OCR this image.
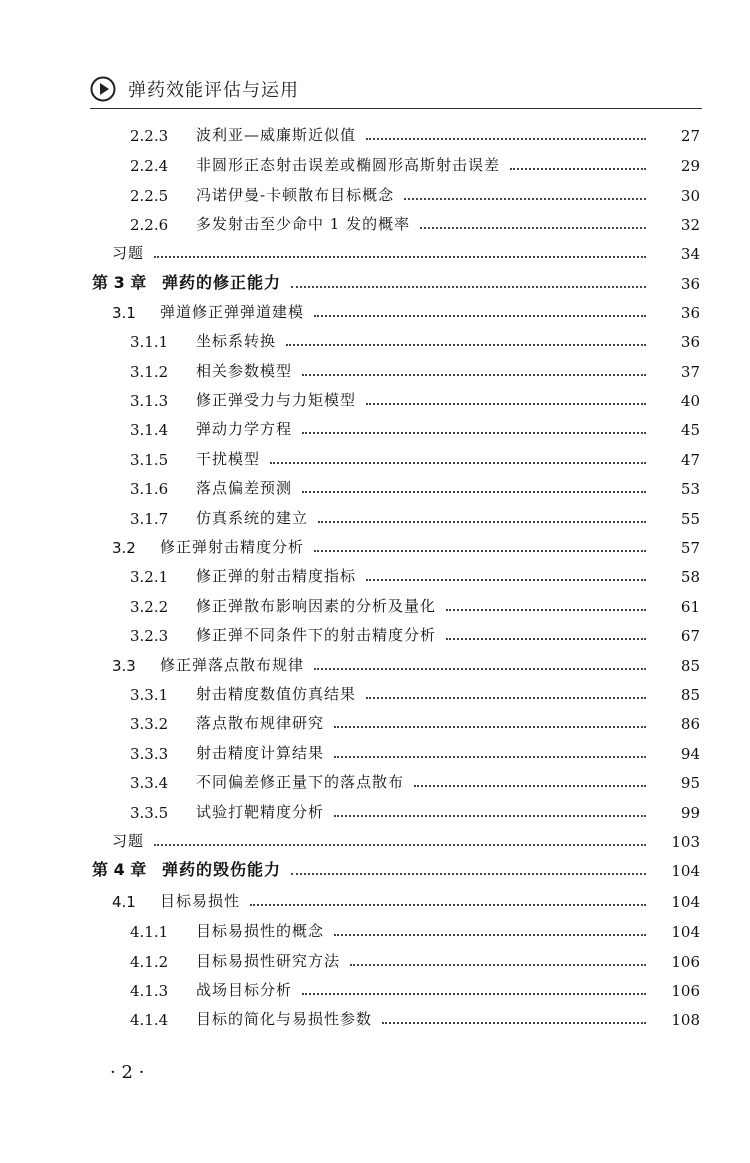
弹药效能评估与运用
2.2.3	波利亚—威廉斯近似值	27
2.2.4	非圆形正态射击误差或椭圆形高斯射击误差	29
2.2.5	冯诺伊曼-卡顿散布目标概念	30
2.2.6	多发射击至少命中 1 发的概率	32
习题	34
第 3 章 弹药的修正能力	36
3.1	弹道修正弹弹道建模	36
3.1.1	坐标系转换	36
3.1.2	相关参数模型	37
3.1.3	修正弹受力与力矩模型	40
3.1.4	弹动力学方程	45
3.1.5	干扰模型	47
3.1.6	落点偏差预测	53
3.1.7	仿真系统的建立	55
3.2	修正弹射击精度分析	57
3.2.1	修正弹的射击精度指标	58
3.2.2	修正弹散布影响因素的分析及量化	61
3.2.3	修正弹不同条件下的射击精度分析	67
3.3	修正弹落点散布规律	85
3.3.1	射击精度数值仿真结果	85
3.3.2	落点散布规律研究	86
3.3.3	射击精度计算结果	94
3.3.4	不同偏差修正量下的落点散布	95
3.3.5	试验打靶精度分析	99
习题	103
第 4 章 弹药的毁伤能力	104
4.1	目标易损性	104
4.1.1	目标易损性的概念	104
4.1.2	目标易损性研究方法	106
4.1.3	战场目标分析	106
4.1.4	目标的简化与易损性参数	108
· 2 ·
